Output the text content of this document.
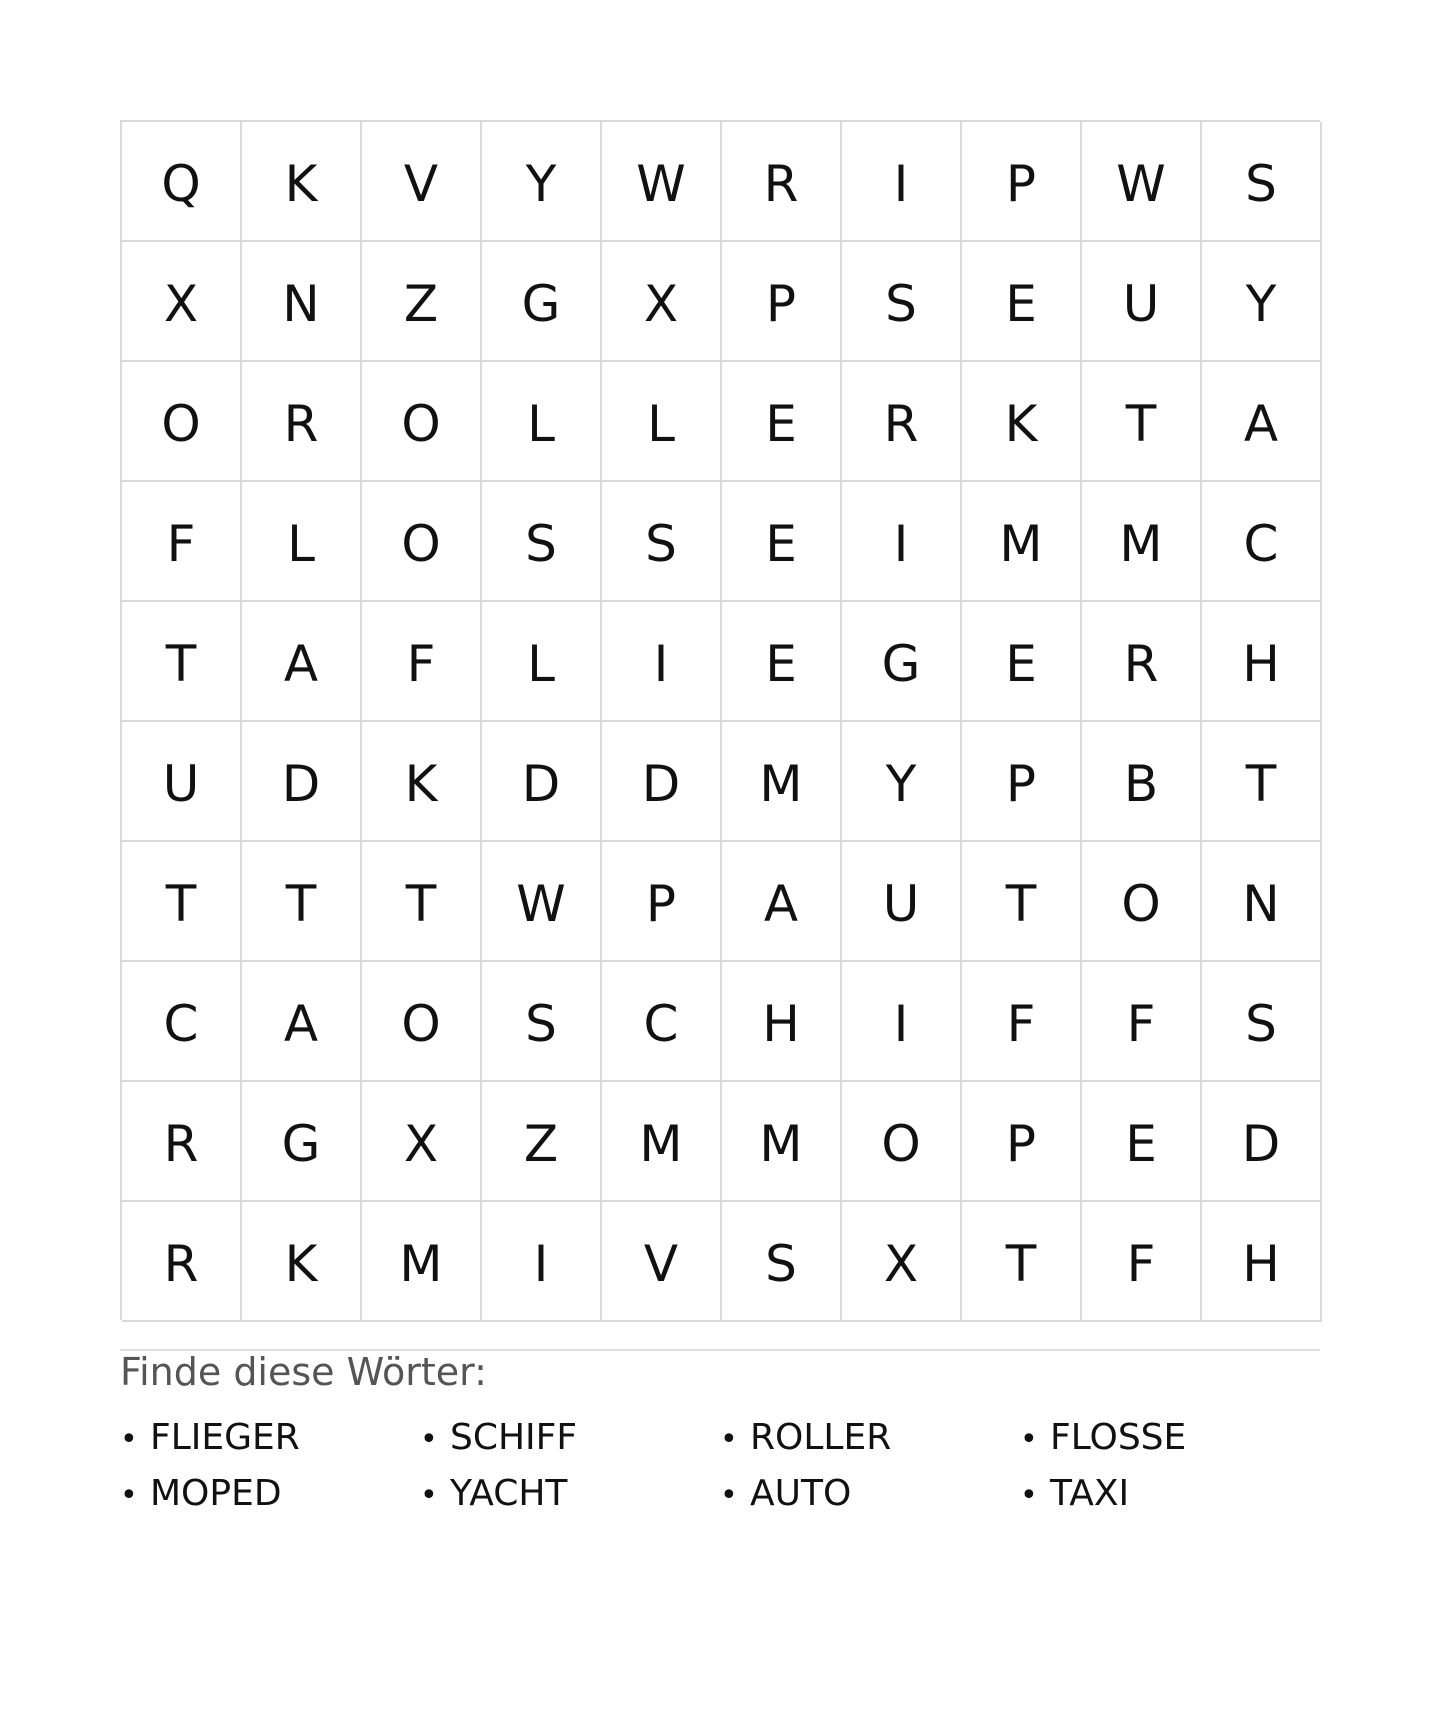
Q	K	V	Y	W	R	I	P	W	S
X	N	Z	G	X	P	S	E	U	Y
O	R	O	L	L	E	R	K	T	A
F	L	O	S	S	E	I	M	M	C
T	A	F	L	I	E	G	E	R	H
U	D	K	D	D	M	Y	P	B	T
T	T	T	W	P	A	U	T	O	N
C	A	O	S	C	H	I	F	F	S
R	G	X	Z	M	M	O	P	E	D
R	K	M	I	V	S	X	T	F	H
Finde diese Wörter:
• FLIEGER	• SCHIFF	• ROLLER	• FLOSSE
• MOPED	• YACHT	• AUTO	• TAXI
